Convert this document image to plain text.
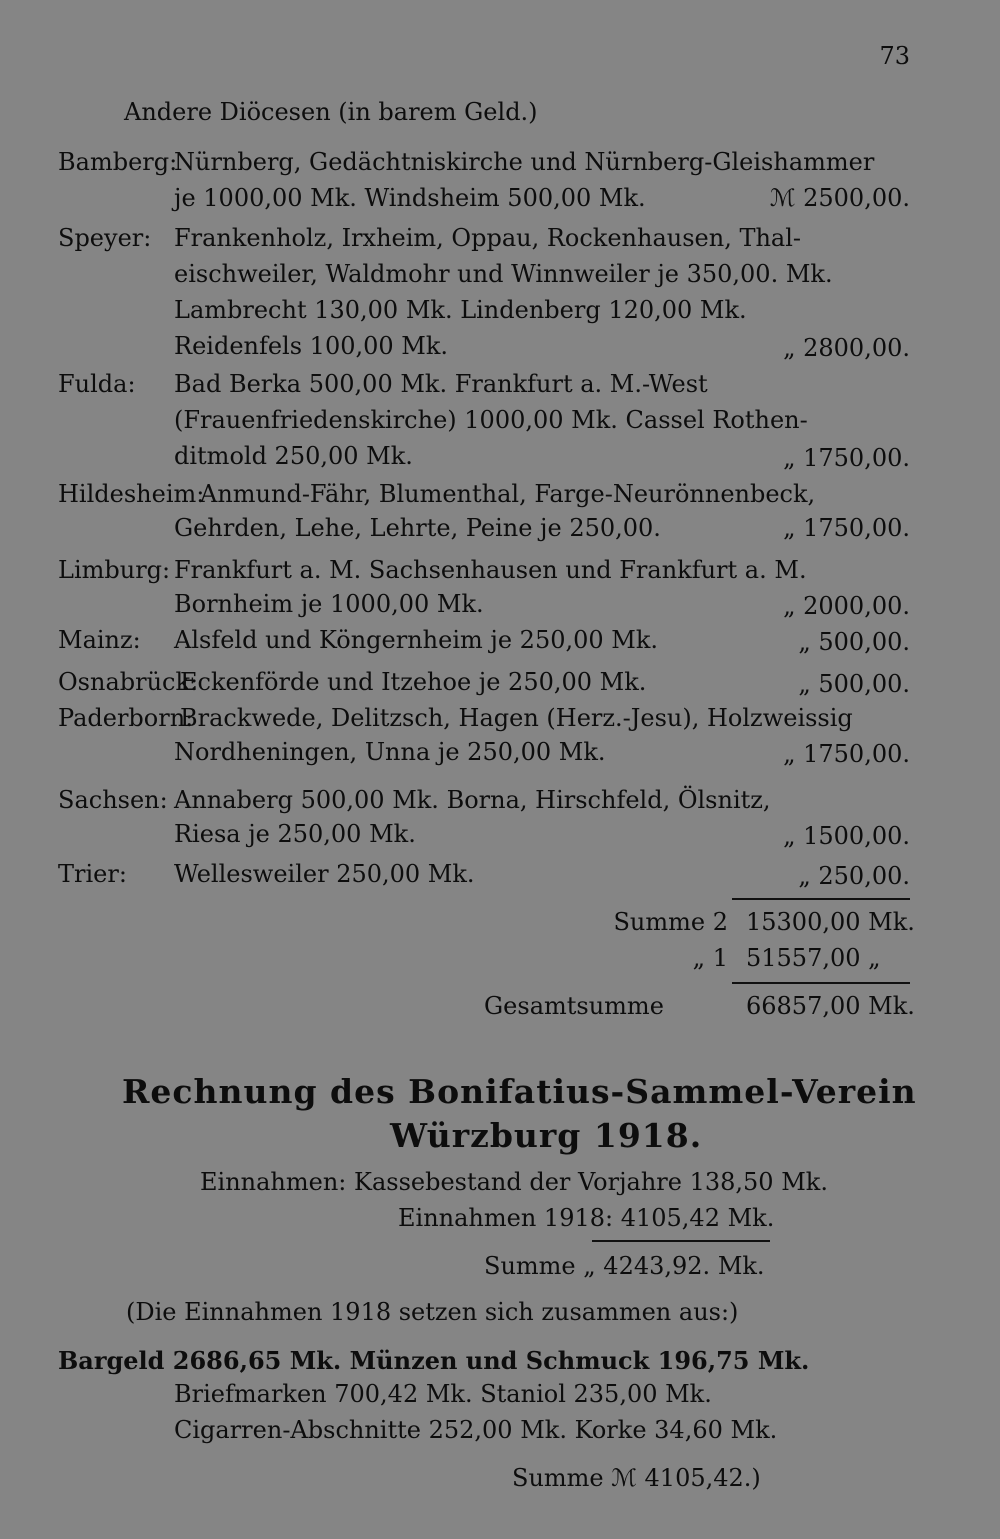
73
Andere Diöcesen (in barem Geld.)
Bamberg:
Nürnberg, Gedächtniskirche und Nürnberg-Gleishammer
je 1000,00 Mk. Windsheim 500,00 Mk.	ℳ 2500,00.
Speyer: Frankenholz, Irxheim, Oppau, Rockenhausen, Thal-
eischweiler, Waldmohr und Winnweiler je 350,00. Mk.
Lambrecht 130,00 Mk. Lindenberg 120,00 Mk.
Reidenfels 100,00 Mk.	„ 2800,00.
Fulda: Bad Berka 500,00 Mk. Frankfurt a. M.-West
(Frauenfriedenskirche) 1000,00 Mk. Cassel Rothen-
ditmold 250,00 Mk.	„ 1750,00.
Hildesheim:
Anmund-Fähr, Blumenthal, Farge-Neurönnenbeck,
Gehrden, Lehe, Lehrte, Peine je 250,00.	„ 1750,00.
Limburg: Frankfurt a. M. Sachsenhausen und Frankfurt a. M.
Bornheim je 1000,00 Mk.	„ 2000,00.
Mainz: Alsfeld und Köngernheim je 250,00 Mk.	„ 500,00.
Osnabrück:
Eckenförde und Itzehoe je 250,00 Mk.	„ 500,00.
Paderborn:
Brackwede, Delitzsch, Hagen (Herz.-Jesu), Holzweissig
Nordheningen, Unna je 250,00 Mk.	„ 1750,00.
Sachsen: Annaberg 500,00 Mk. Borna, Hirschfeld, Ölsnitz,
Riesa je 250,00 Mk.	„ 1500,00.
Trier: Wellesweiler 250,00 Mk.	„ 250,00.
Summe 2 15300,00 Mk.
„ 1 51557,00 „
Gesamtsumme	66857,00 Mk.
Rechnung des Bonifatius-Sammel-Verein
Würzburg 1918.
Einnahmen: Kassebestand der Vorjahre 138,50 Mk.
Einnahmen 1918: 4105,42 Mk.
Summe „ 4243,92. Mk.
(Die Einnahmen 1918 setzen sich zusammen aus:)
Bargeld 2686,65 Mk. Münzen und Schmuck 196,75 Mk.
Briefmarken 700,42 Mk. Staniol 235,00 Mk.
Cigarren-Abschnitte 252,00 Mk. Korke 34,60 Mk.
Summe ℳ 4105,42.)
